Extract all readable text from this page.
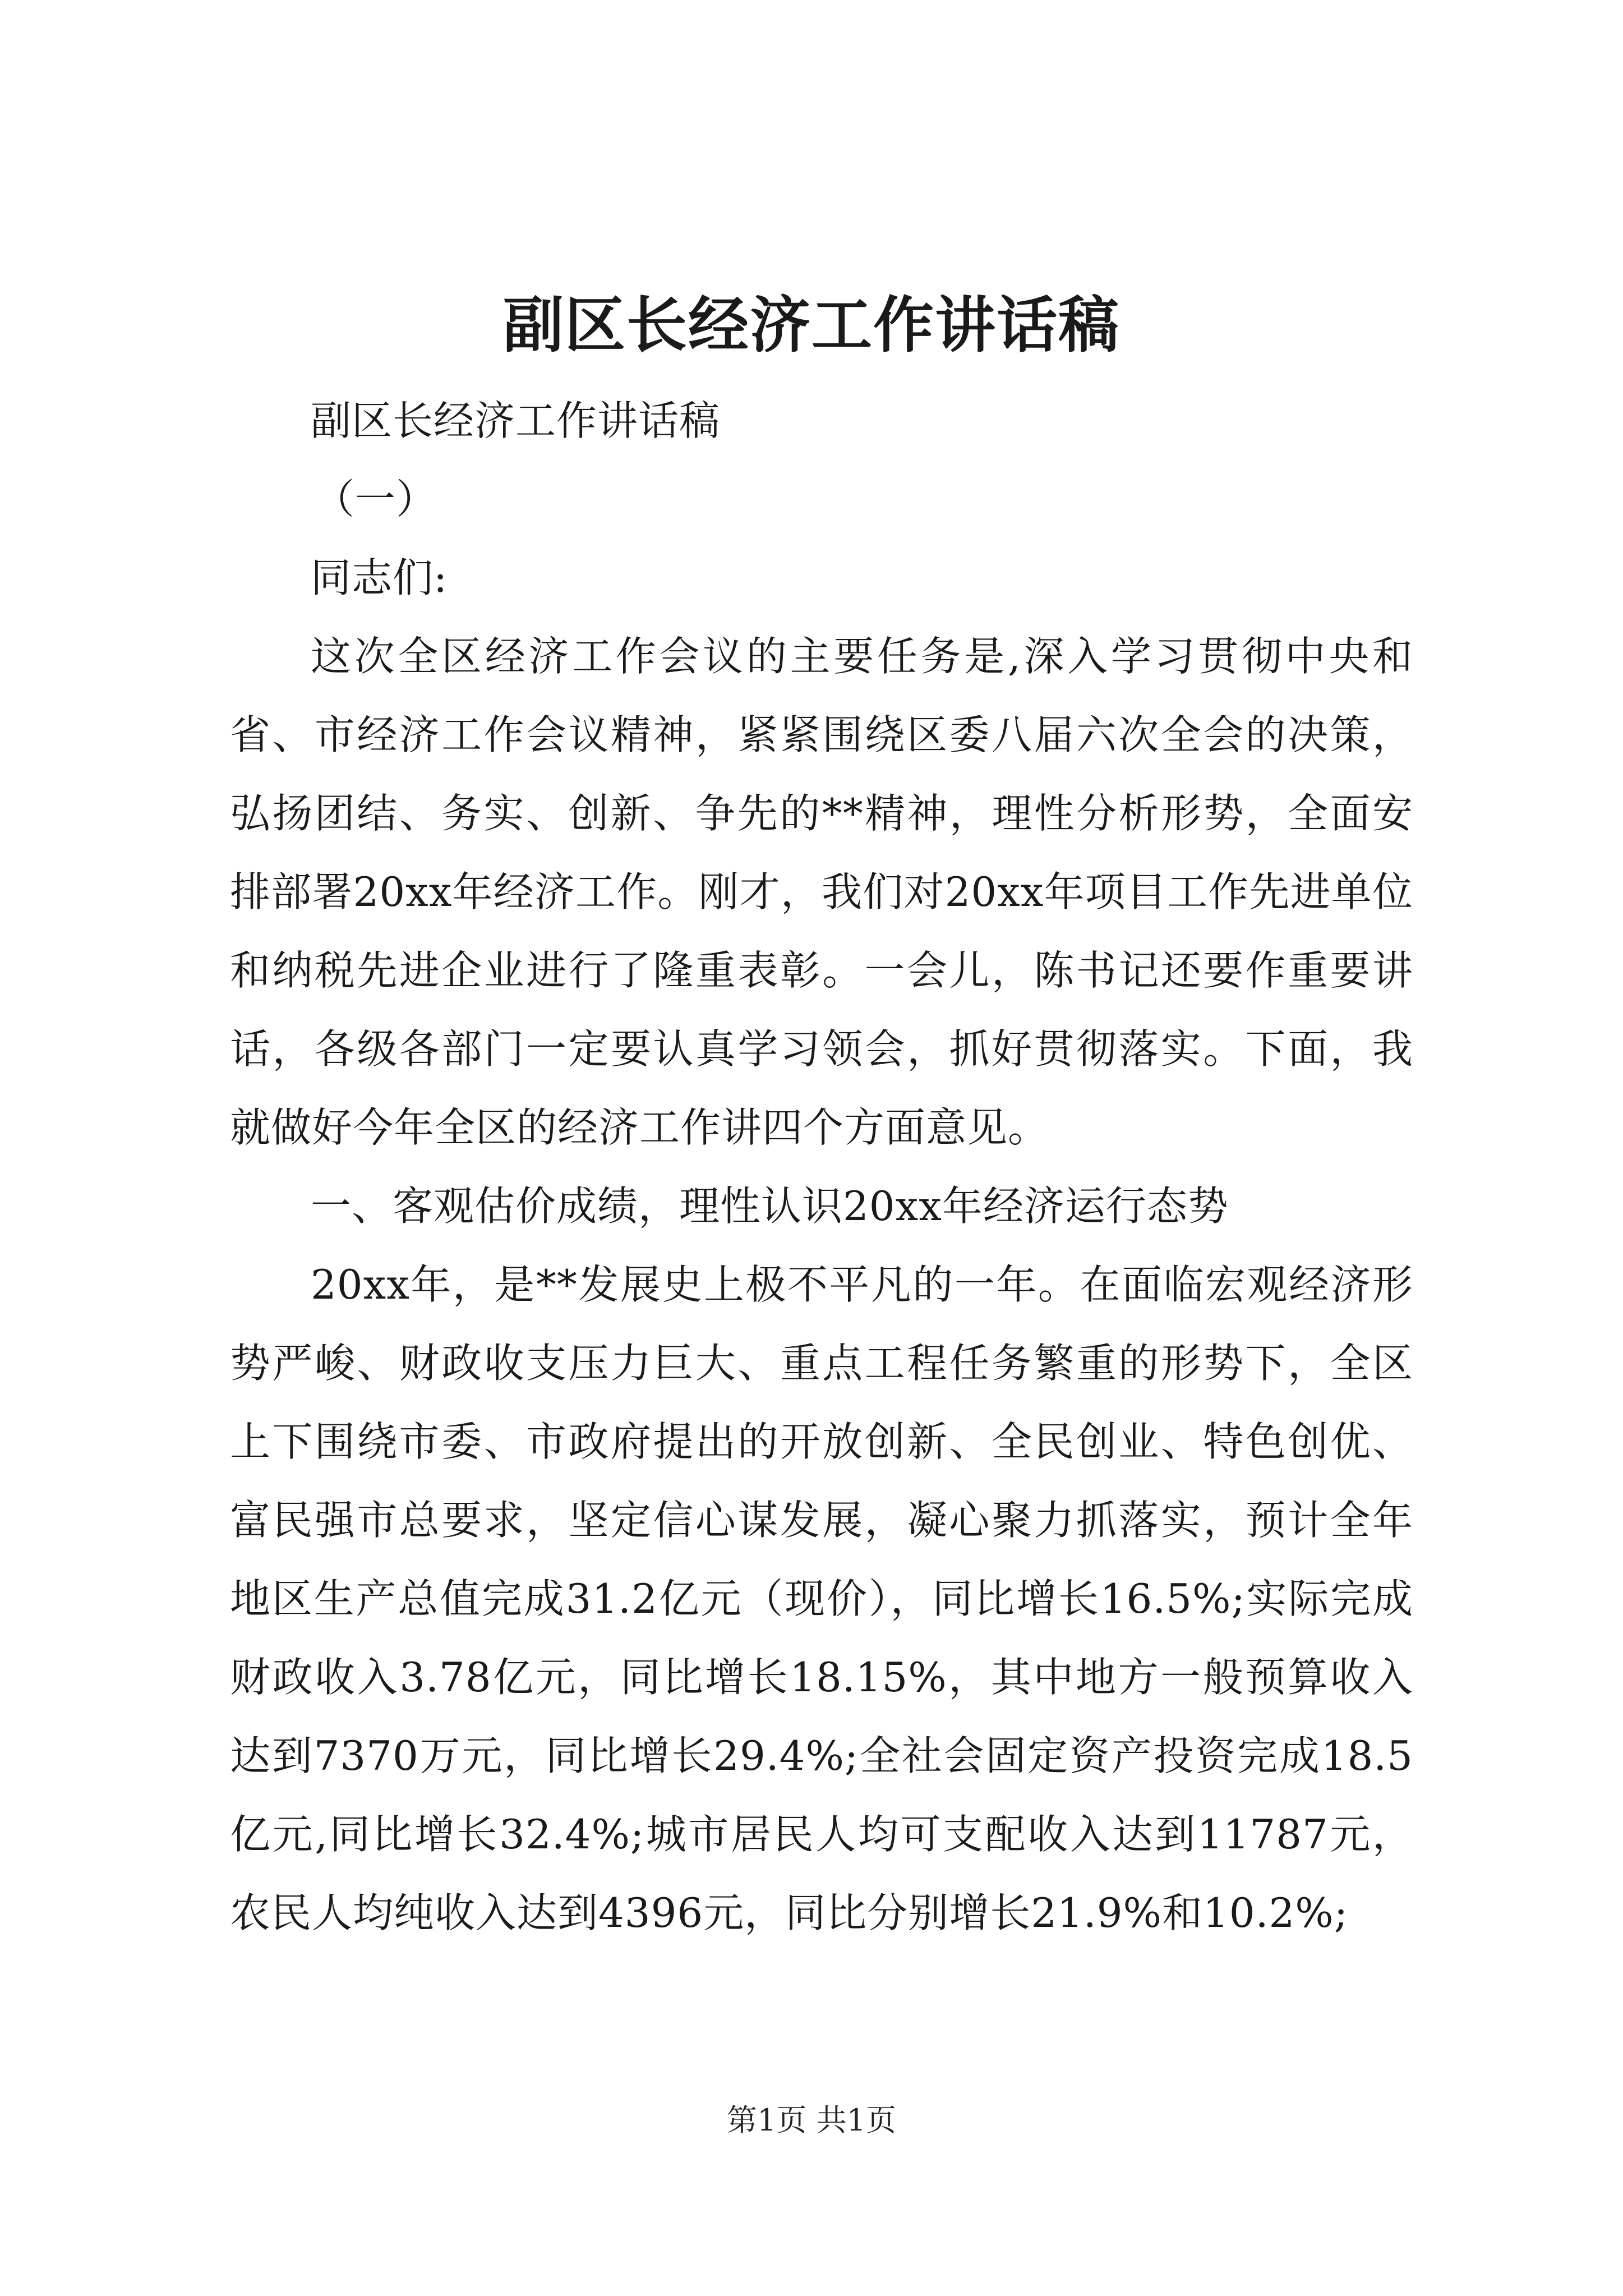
副区长经济工作讲话稿

副区长经济工作讲话稿

（一）

同志们:

这次全区经济工作会议的主要任务是,深入学习贯彻中央和省、市经济工作会议精神，紧紧围绕区委八届六次全会的决策，弘扬团结、务实、创新、争先的**精神，理性分析形势，全面安排部署20xx年经济工作。刚才，我们对20xx年项目工作先进单位和纳税先进企业进行了隆重表彰。一会儿，陈书记还要作重要讲话，各级各部门一定要认真学习领会，抓好贯彻落实。下面，我就做好今年全区的经济工作讲四个方面意见。

一、客观估价成绩，理性认识20xx年经济运行态势

20xx年，是**发展史上极不平凡的一年。在面临宏观经济形势严峻、财政收支压力巨大、重点工程任务繁重的形势下，全区上下围绕市委、市政府提出的开放创新、全民创业、特色创优、富民强市总要求，坚定信心谋发展，凝心聚力抓落实，预计全年地区生产总值完成31.2亿元（现价），同比增长16.5%;实际完成财政收入3.78亿元，同比增长18.15%，其中地方一般预算收入达到7370万元，同比增长29.4%;全社会固定资产投资完成18.5亿元,同比增长32.4%;城市居民人均可支配收入达到11787元，农民人均纯收入达到4396元，同比分别增长21.9%和10.2%;

第1页 共1页
